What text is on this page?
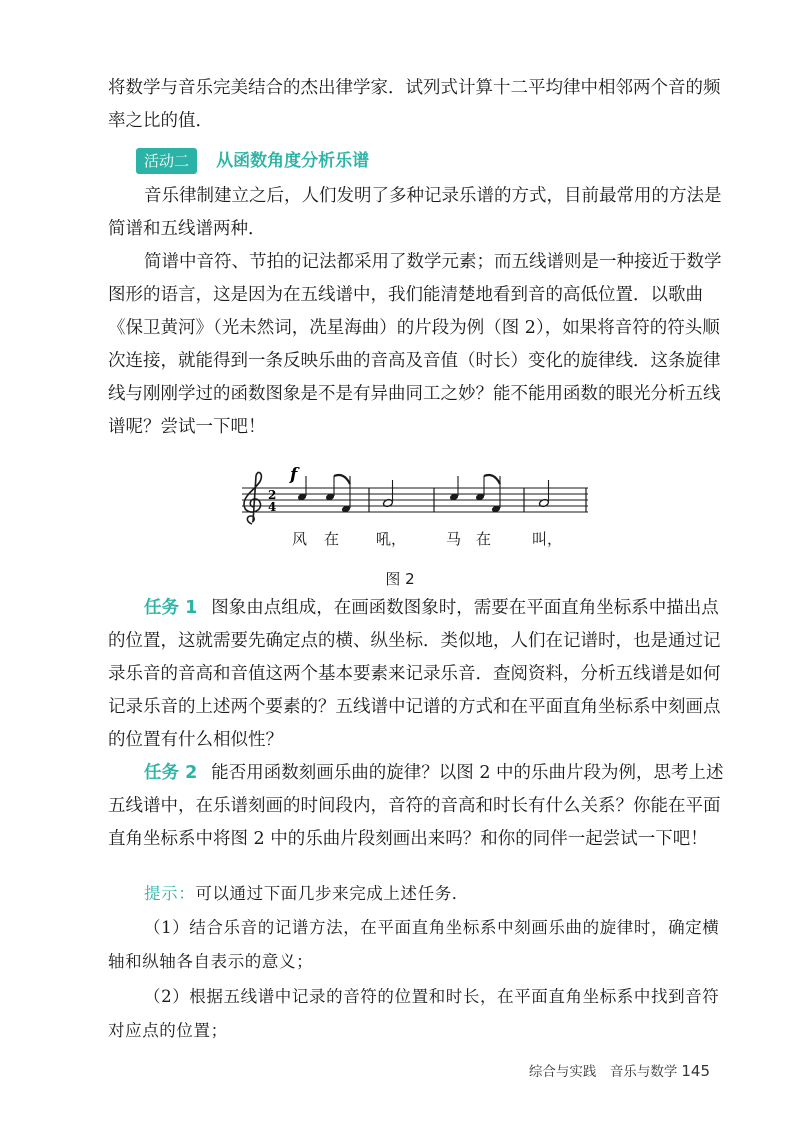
将数学与音乐完美结合的杰出律学家．试列式计算十二平均律中相邻两个音的频率之比的值．

活动二 从函数角度分析乐谱

音乐律制建立之后，人们发明了多种记录乐谱的方式，目前最常用的方法是简谱和五线谱两种．

简谱中音符、节拍的记法都采用了数学元素；而五线谱则是一种接近于数学图形的语言，这是因为在五线谱中，我们能清楚地看到音的高低位置．以歌曲《保卫黄河》（光未然词，冼星海曲）的片段为例（图 2），如果将音符的符头顺次连接，就能得到一条反映乐曲的音高及音值（时长）变化的旋律线．这条旋律线与刚刚学过的函数图象是不是有异曲同工之妙？能不能用函数的眼光分析五线谱呢？尝试一下吧！

2
4
f
风 在 吼，	马 在	叫，
图 2

任务 1 图象由点组成，在画函数图象时，需要在平面直角坐标系中描出点的位置，这就需要先确定点的横、纵坐标．类似地，人们在记谱时，也是通过记录乐音的音高和音值这两个基本要素来记录乐音．查阅资料，分析五线谱是如何记录乐音的上述两个要素的？五线谱中记谱的方式和在平面直角坐标系中刻画点的位置有什么相似性？

任务 2 能否用函数刻画乐曲的旋律？以图 2 中的乐曲片段为例，思考上述五线谱中，在乐谱刻画的时间段内，音符的音高和时长有什么关系？你能在平面直角坐标系中将图 2 中的乐曲片段刻画出来吗？和你的同伴一起尝试一下吧！

提示：可以通过下面几步来完成上述任务．

（1）结合乐音的记谱方法，在平面直角坐标系中刻画乐曲的旋律时，确定横轴和纵轴各自表示的意义；

（2）根据五线谱中记录的音符的位置和时长，在平面直角坐标系中找到音符对应点的位置；

综合与实践　音乐与数学 145
